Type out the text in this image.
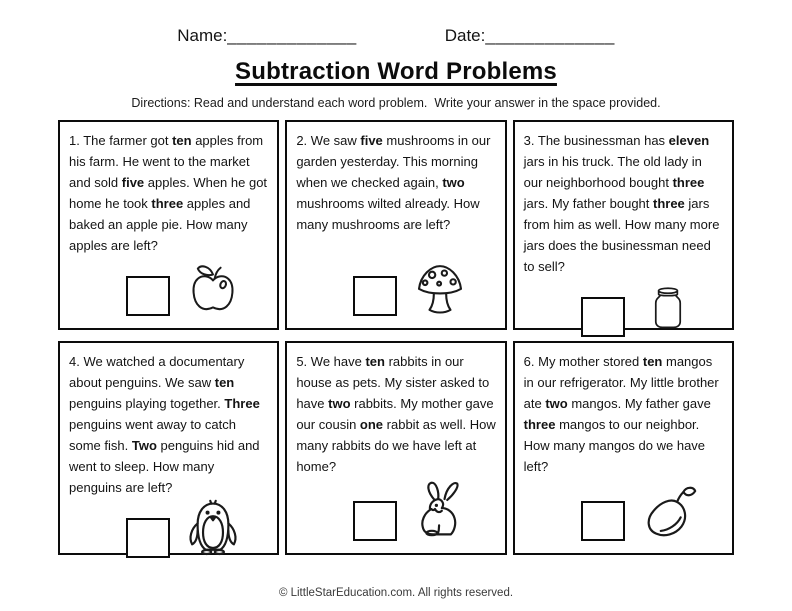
Name: _____________	Date: _____________
Subtraction Word Problems
Directions: Read and understand each word problem.  Write your answer in the space provided.
1. The farmer got ten apples from his farm. He went to the market and sold five apples. When he got home he took three apples and baked an apple pie. How many apples are left?
2. We saw five mushrooms in our garden yesterday. This morning when we checked again, two mushrooms wilted already. How many mushrooms are left?
3. The businessman has eleven jars in his truck. The old lady in our neighborhood bought three jars. My father bought three jars from him as well. How many more jars does the businessman need to sell?
4. We watched a documentary about penguins. We saw ten penguins playing together. Three penguins went away to catch some fish. Two penguins hid and went to sleep. How many penguins are left?
5. We have ten rabbits in our house as pets. My sister asked to have two rabbits. My mother gave our cousin one rabbit as well. How many rabbits do we have left at home?
6. My mother stored ten mangos in our refrigerator. My little brother ate two mangos. My father gave three mangos to our neighbor. How many mangos do we have left?
© LittleStarEducation.com. All rights reserved.
